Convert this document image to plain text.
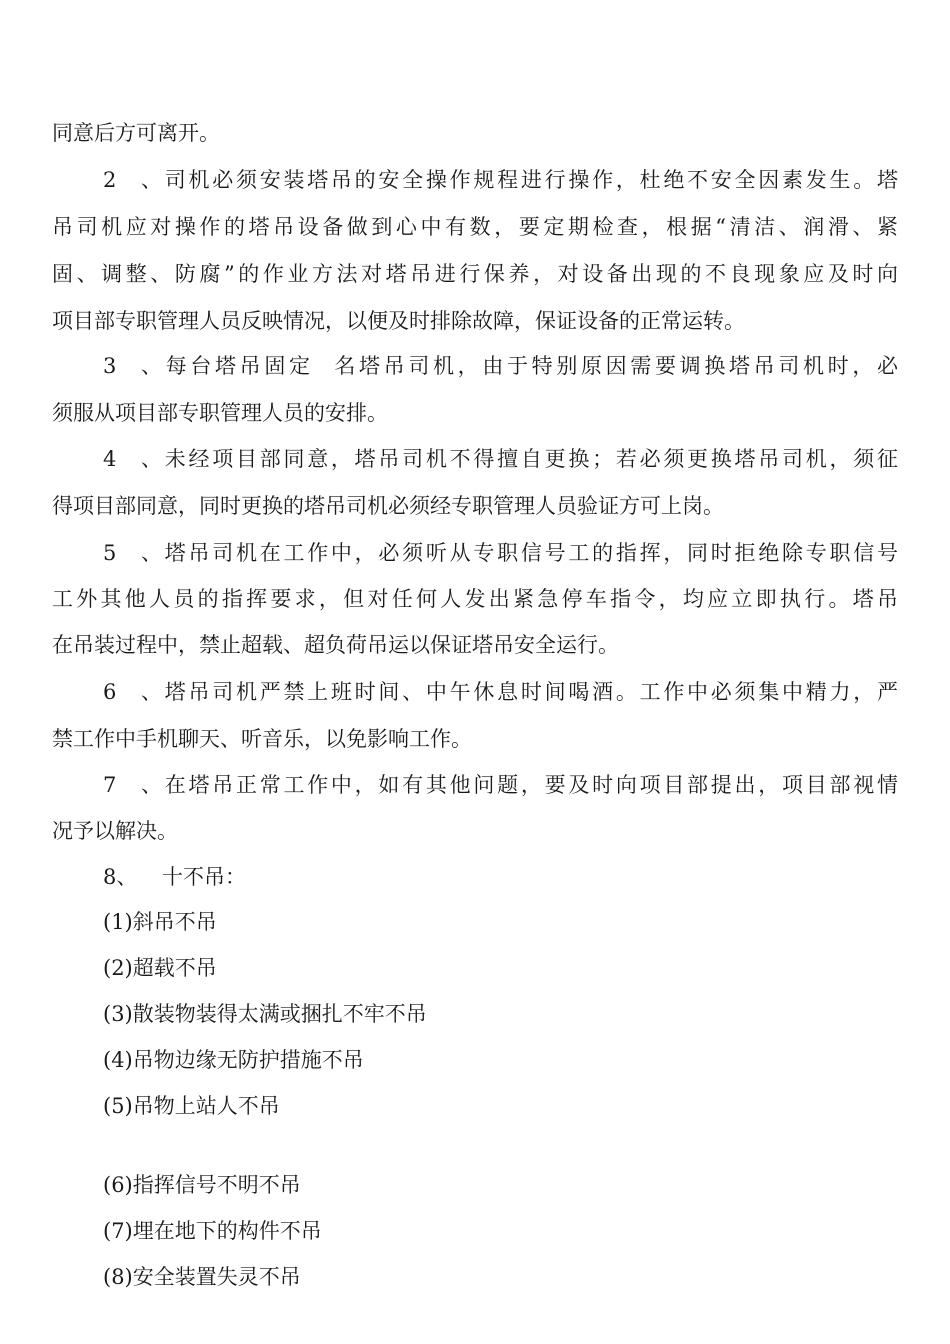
同意后方可离开。
2、司机必须安装塔吊的安全操作规程进行操作，杜绝不安全因素发生。塔
吊司机应对操作的塔吊设备做到心中有数，要定期检查，根据“清洁、润滑、紧
固、调整、防腐”的作业方法对塔吊进行保养，对设备出现的不良现象应及时向
项目部专职管理人员反映情况，以便及时排除故障，保证设备的正常运转。
3、每台塔吊固定  名塔吊司机，由于特别原因需要调换塔吊司机时，必
须服从项目部专职管理人员的安排。
4、未经项目部同意，塔吊司机不得擅自更换；若必须更换塔吊司机，须征
得项目部同意，同时更换的塔吊司机必须经专职管理人员验证方可上岗。
5、塔吊司机在工作中，必须听从专职信号工的指挥，同时拒绝除专职信号
工外其他人员的指挥要求，但对任何人发出紧急停车指令，均应立即执行。塔吊
在吊装过程中，禁止超载、超负荷吊运以保证塔吊安全运行。
6、塔吊司机严禁上班时间、中午休息时间喝酒。工作中必须集中精力，严
禁工作中手机聊天、听音乐，以免影响工作。
7、在塔吊正常工作中，如有其他问题，要及时向项目部提出，项目部视情
况予以解决。
8、 十不吊：
(1)斜吊不吊
(2)超载不吊
(3)散装物装得太满或捆扎不牢不吊
(4)吊物边缘无防护措施不吊
(5)吊物上站人不吊
(6)指挥信号不明不吊
(7)埋在地下的构件不吊
(8)安全装置失灵不吊
